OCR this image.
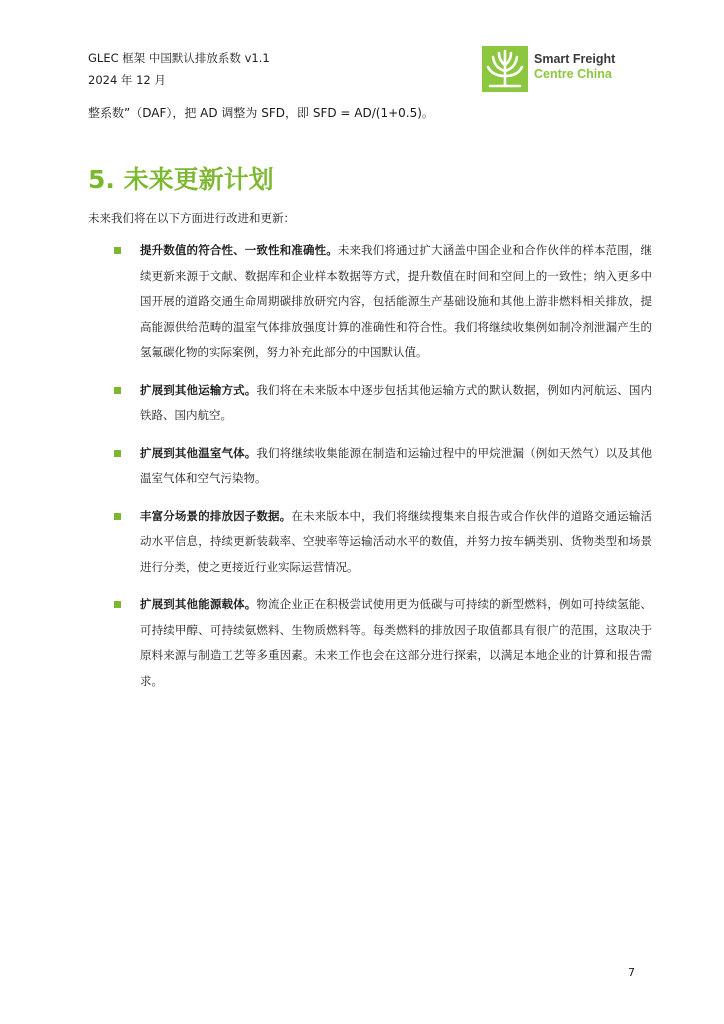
GLEC 框架 中国默认排放系数 v1.1
2024 年 12 月
Smart Freight
Centre China
整系数”（DAF），把 AD 调整为 SFD，即 SFD = AD/(1+0.5)。
5. 未来更新计划
未来我们将在以下方面进行改进和更新：
提升数值的符合性、一致性和准确性。未来我们将通过扩大涵盖中国企业和合作伙伴的样本范围，继续更新来源于文献、数据库和企业样本数据等方式，提升数值在时间和空间上的一致性；纳入更多中国开展的道路交通生命周期碳排放研究内容，包括能源生产基础设施和其他上游非燃料相关排放，提高能源供给范畴的温室气体排放强度计算的准确性和符合性。我们将继续收集例如制冷剂泄漏产生的氢氟碳化物的实际案例，努力补充此部分的中国默认值。
扩展到其他运输方式。我们将在未来版本中逐步包括其他运输方式的默认数据，例如内河航运、国内铁路、国内航空。
扩展到其他温室气体。我们将继续收集能源在制造和运输过程中的甲烷泄漏（例如天然气）以及其他温室气体和空气污染物。
丰富分场景的排放因子数据。在未来版本中，我们将继续搜集来自报告或合作伙伴的道路交通运输活动水平信息，持续更新装载率、空驶率等运输活动水平的数值，并努力按车辆类别、货物类型和场景进行分类，使之更接近行业实际运营情况。
扩展到其他能源载体。物流企业正在积极尝试使用更为低碳与可持续的新型燃料，例如可持续氢能、可持续甲醇、可持续氨燃料、生物质燃料等。每类燃料的排放因子取值都具有很广的范围，这取决于原料来源与制造工艺等多重因素。未来工作也会在这部分进行探索，以满足本地企业的计算和报告需求。
7
